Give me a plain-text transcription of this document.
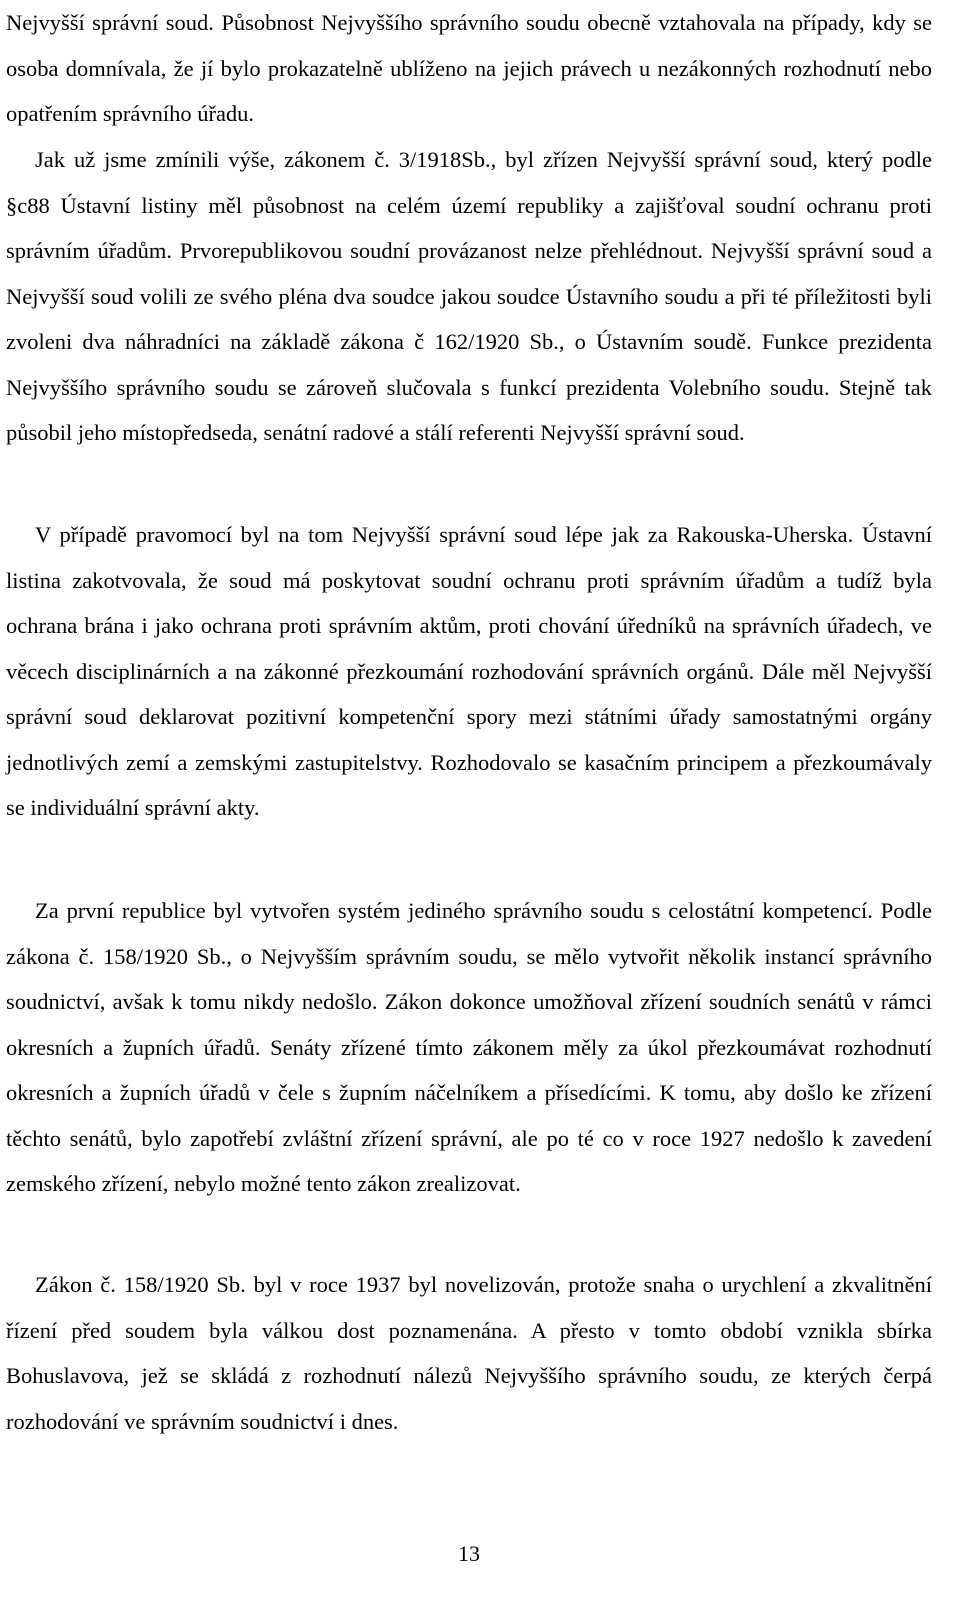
Nejvyšší správní soud. Působnost Nejvyššího správního soudu obecně vztahovala na případy, kdy se osoba domnívala, že jí bylo prokazatelně ublíženo na jejich právech u nezákonných rozhodnutí nebo opatřením správního úřadu.

Jak už jsme zmínili výše, zákonem č. 3/1918Sb., byl zřízen Nejvyšší správní soud, který podle §c88 Ústavní listiny měl působnost na celém území republiky a zajišťoval soudní ochranu proti správním úřadům. Prvorepublikovou soudní provázanost nelze přehlédnout. Nejvyšší správní soud a Nejvyšší soud volili ze svého pléna dva soudce jakou soudce Ústavního soudu a při té příležitosti byli zvoleni dva náhradníci na základě zákona č 162/1920 Sb., o Ústavním soudě. Funkce prezidenta Nejvyššího správního soudu se zároveň slučovala s funkcí prezidenta Volebního soudu. Stejně tak působil jeho místopředseda, senátní radové a stálí referenti Nejvyšší správní soud.

V případě pravomocí byl na tom Nejvyšší správní soud lépe jak za Rakouska-Uherska. Ústavní listina zakotvovala, že soud má poskytovat soudní ochranu proti správním úřadům a tudíž byla ochrana brána i jako ochrana proti správním aktům, proti chování úředníků na správních úřadech, ve věcech disciplinárních a na zákonné přezkoumání rozhodování správních orgánů. Dále měl Nejvyšší správní soud deklarovat pozitivní kompetenční spory mezi státními úřady samostatnými orgány jednotlivých zemí a zemskými zastupitelstvy. Rozhodovalo se kasačním principem a přezkoumávaly se individuální správní akty.

Za první republice byl vytvořen systém jediného správního soudu s celostátní kompetencí. Podle zákona č. 158/1920 Sb., o Nejvyšším správním soudu, se mělo vytvořit několik instancí správního soudnictví, avšak k tomu nikdy nedošlo. Zákon dokonce umožňoval zřízení soudních senátů v rámci okresních a župních úřadů. Senáty zřízené tímto zákonem měly za úkol přezkoumávat rozhodnutí okresních a župních úřadů v čele s župním náčelníkem a přísedícími. K tomu, aby došlo ke zřízení těchto senátů, bylo zapotřebí zvláštní zřízení správní, ale po té co v roce 1927 nedošlo k zavedení zemského zřízení, nebylo možné tento zákon zrealizovat.

Zákon č. 158/1920 Sb. byl v roce 1937 byl novelizován, protože snaha o urychlení a zkvalitnění řízení před soudem byla válkou dost poznamenána. A přesto v tomto období vznikla sbírka Bohuslavova, jež se skládá z rozhodnutí nálezů Nejvyššího správního soudu, ze kterých čerpá rozhodování ve správním soudnictví i dnes.

13
